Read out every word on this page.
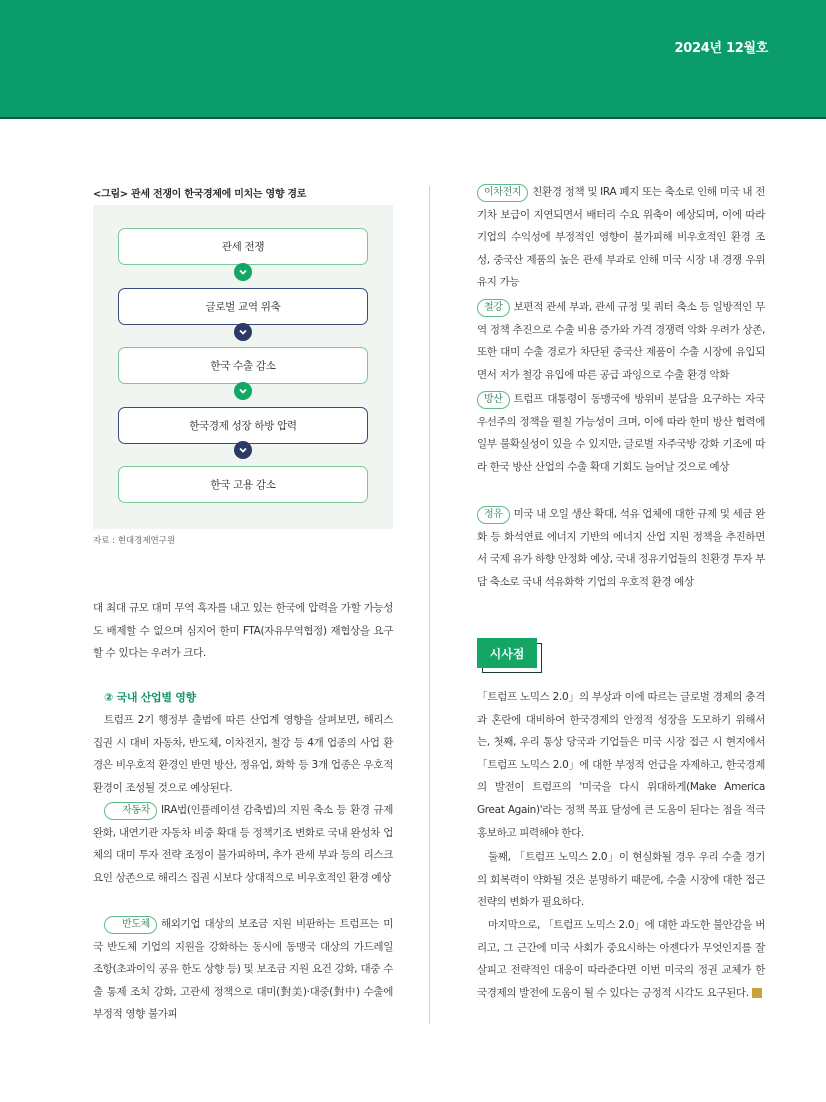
2024년 12월호
<그림> 관세 전쟁이 한국경제에 미치는 영향 경로
관세 전쟁
글로벌 교역 위축
한국 수출 감소
한국경제 성장 하방 압력
한국 고용 감소
자료 : 현대경제연구원

대 최대 규모 대미 무역 흑자를 내고 있는 한국에 압력을 가할 가능성도 배제할 수 없으며 심지어 한미 FTA(자유무역협정) 재협상을 요구할 수 있다는 우려가 크다.

② 국내 산업별 영향

트럼프 2기 행정부 출범에 따른 산업계 영향을 살펴보면, 해리스 집권 시 대비 자동차, 반도체, 이차전지, 철강 등 4개 업종의 사업 환경은 비우호적 환경인 반면 방산, 정유업, 화학 등 3개 업종은 우호적 환경이 조성될 것으로 예상된다.

자동차 IRA법(인플레이션 감축법)의 지원 축소 등 환경 규제 완화, 내연기관 자동차 비중 확대 등 정책기조 변화로 국내 완성차 업체의 대미 투자 전략 조정이 불가피하며, 추가 관세 부과 등의 리스크 요인 상존으로 해리스 집권 시보다 상대적으로 비우호적인 환경 예상

반도체 해외기업 대상의 보조금 지원 비판하는 트럼프는 미국 반도체 기업의 지원을 강화하는 동시에 동맹국 대상의 가드레일 조항(초과이익 공유 한도 상향 등) 및 보조금 지원 요건 강화, 대중 수출 통제 조치 강화, 고관세 정책으로 대미(對美)·대중(對中) 수출에 부정적 영향 불가피

이차전지 친환경 정책 및 IRA 폐지 또는 축소로 인해 미국 내 전기차 보급이 지연되면서 배터리 수요 위축이 예상되며, 이에 따라 기업의 수익성에 부정적인 영향이 불가피해 비우호적인 환경 조성, 중국산 제품의 높은 관세 부과로 인해 미국 시장 내 경쟁 우위 유지 가능

철강 보편적 관세 부과, 관세 규정 및 쿼터 축소 등 일방적인 무역 정책 추진으로 수출 비용 증가와 가격 경쟁력 악화 우려가 상존, 또한 대미 수출 경로가 차단된 중국산 제품이 수출 시장에 유입되면서 저가 철강 유입에 따른 공급 과잉으로 수출 환경 악화

방산 트럼프 대통령이 동맹국에 방위비 분담을 요구하는 자국 우선주의 정책을 펼칠 가능성이 크며, 이에 따라 한미 방산 협력에 일부 불확실성이 있을 수 있지만, 글로벌 자주국방 강화 기조에 따라 한국 방산 산업의 수출 확대 기회도 늘어날 것으로 예상

정유 미국 내 오일 생산 확대, 석유 업체에 대한 규제 및 세금 완화 등 화석연료 에너지 기반의 에너지 산업 지원 정책을 추진하면서 국제 유가 하향 안정화 예상, 국내 정유기업들의 친환경 투자 부담 축소로 국내 석유화학 기업의 우호적 환경 예상

시사점

「트럼프 노믹스 2.0」의 부상과 이에 따르는 글로벌 경제의 충격과 혼란에 대비하여 한국경제의 안정적 성장을 도모하기 위해서는, 첫째, 우리 통상 당국과 기업들은 미국 시장 접근 시 현지에서 「트럼프 노믹스 2.0」에 대한 부정적 언급을 자제하고, 한국경제의 발전이 트럼프의 '미국을 다시 위대하게(Make America Great Again)'라는 정책 목표 달성에 큰 도움이 된다는 점을 적극 홍보하고 피력해야 한다.

둘째, 「트럼프 노믹스 2.0」이 현실화될 경우 우리 수출 경기의 회복력이 약화될 것은 분명하기 때문에, 수출 시장에 대한 접근 전략의 변화가 필요하다.

마지막으로, 「트럼프 노믹스 2.0」에 대한 과도한 불안감을 버리고, 그 근간에 미국 사회가 중요시하는 아젠다가 무엇인지를 잘 살피고 전략적인 대응이 따라준다면 이번 미국의 정권 교체가 한국경제의 발전에 도움이 될 수 있다는 긍정적 시각도 요구된다.
